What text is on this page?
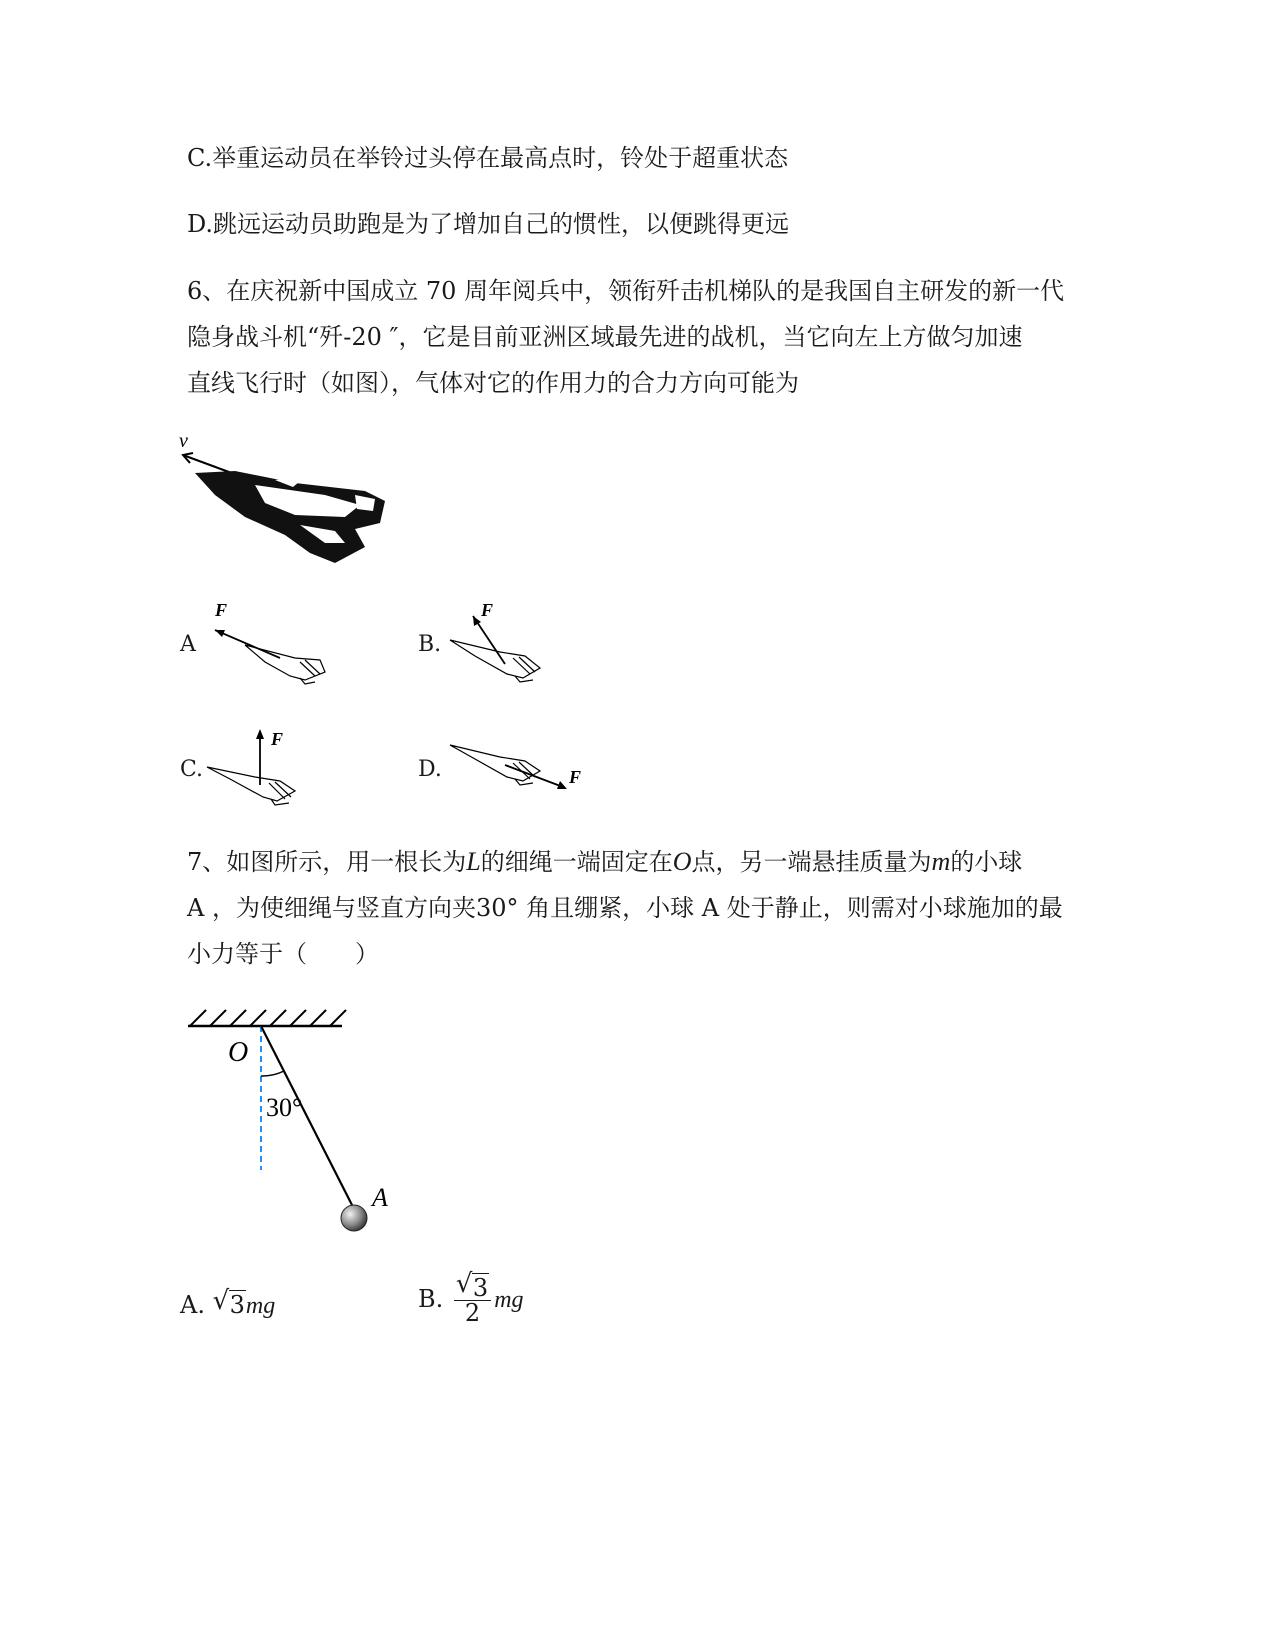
C.举重运动员在举铃过头停在最高点时，铃处于超重状态
D.跳远运动员助跑是为了增加自己的惯性，以便跳得更远
6、在庆祝新中国成立 70 周年阅兵中，领衔歼击机梯队的是我国自主研发的新一代
隐身战斗机“歼-20 ″，它是目前亚洲区域最先进的战机，当它向左上方做匀加速
直线飞行时（如图），气体对它的作用力的合力方向可能为
v
A
F
B.
F
C.
F
D.	F
7、如图所示，用一根长为L的细绳一端固定在O点，另一端悬挂质量为m的小球
A ，为使细绳与竖直方向夹30° 角且绷紧，小球 A 处于静止，则需对小球施加的最
小力等于（　　）
O
30°
A
A. √ 3mg	B. $\frac{√ 3}{2}$ mg
